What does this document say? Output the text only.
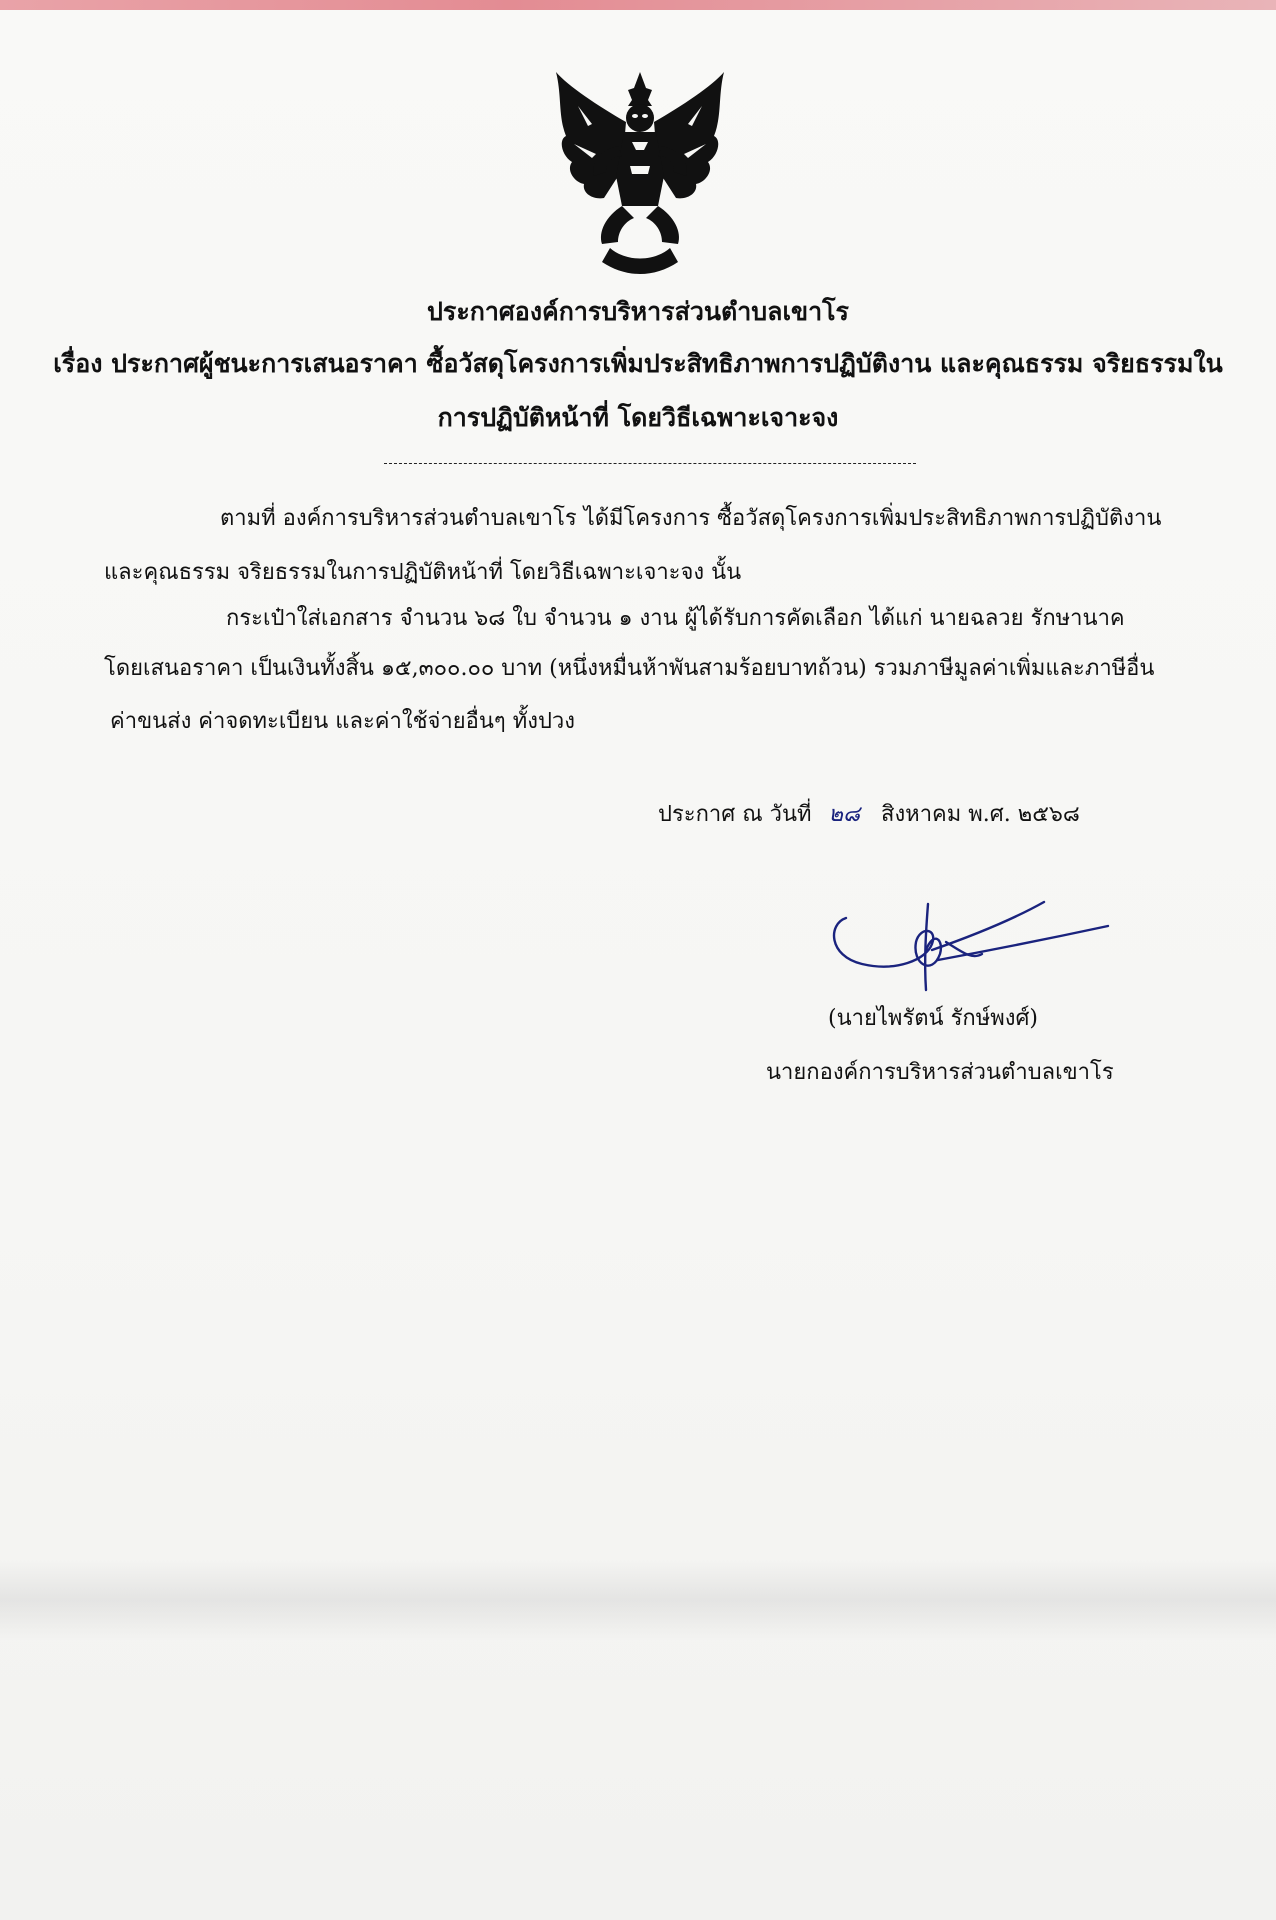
ประกาศองค์การบริหารส่วนตำบลเขาโร
เรื่อง ประกาศผู้ชนะการเสนอราคา ซื้อวัสดุโครงการเพิ่มประสิทธิภาพการปฏิบัติงาน และคุณธรรม จริยธรรมใน
การปฏิบัติหน้าที่ โดยวิธีเฉพาะเจาะจง
ตามที่ องค์การบริหารส่วนตำบลเขาโร ได้มีโครงการ ซื้อวัสดุโครงการเพิ่มประสิทธิภาพการปฏิบัติงาน
และคุณธรรม จริยธรรมในการปฏิบัติหน้าที่ โดยวิธีเฉพาะเจาะจง นั้น
กระเป๋าใส่เอกสาร จำนวน ๖๘ ใบ จำนวน ๑ งาน ผู้ได้รับการคัดเลือก ได้แก่ นายฉลวย รักษานาค
โดยเสนอราคา เป็นเงินทั้งสิ้น ๑๕,๓๐๐.๐๐ บาท (หนึ่งหมื่นห้าพันสามร้อยบาทถ้วน) รวมภาษีมูลค่าเพิ่มและภาษีอื่น
ค่าขนส่ง ค่าจดทะเบียน และค่าใช้จ่ายอื่นๆ ทั้งปวง
ประกาศ ณ วันที่ ๒๘ สิงหาคม พ.ศ. ๒๕๖๘
(นายไพรัตน์ รักษ์พงศ์)
นายกองค์การบริหารส่วนตำบลเขาโร
